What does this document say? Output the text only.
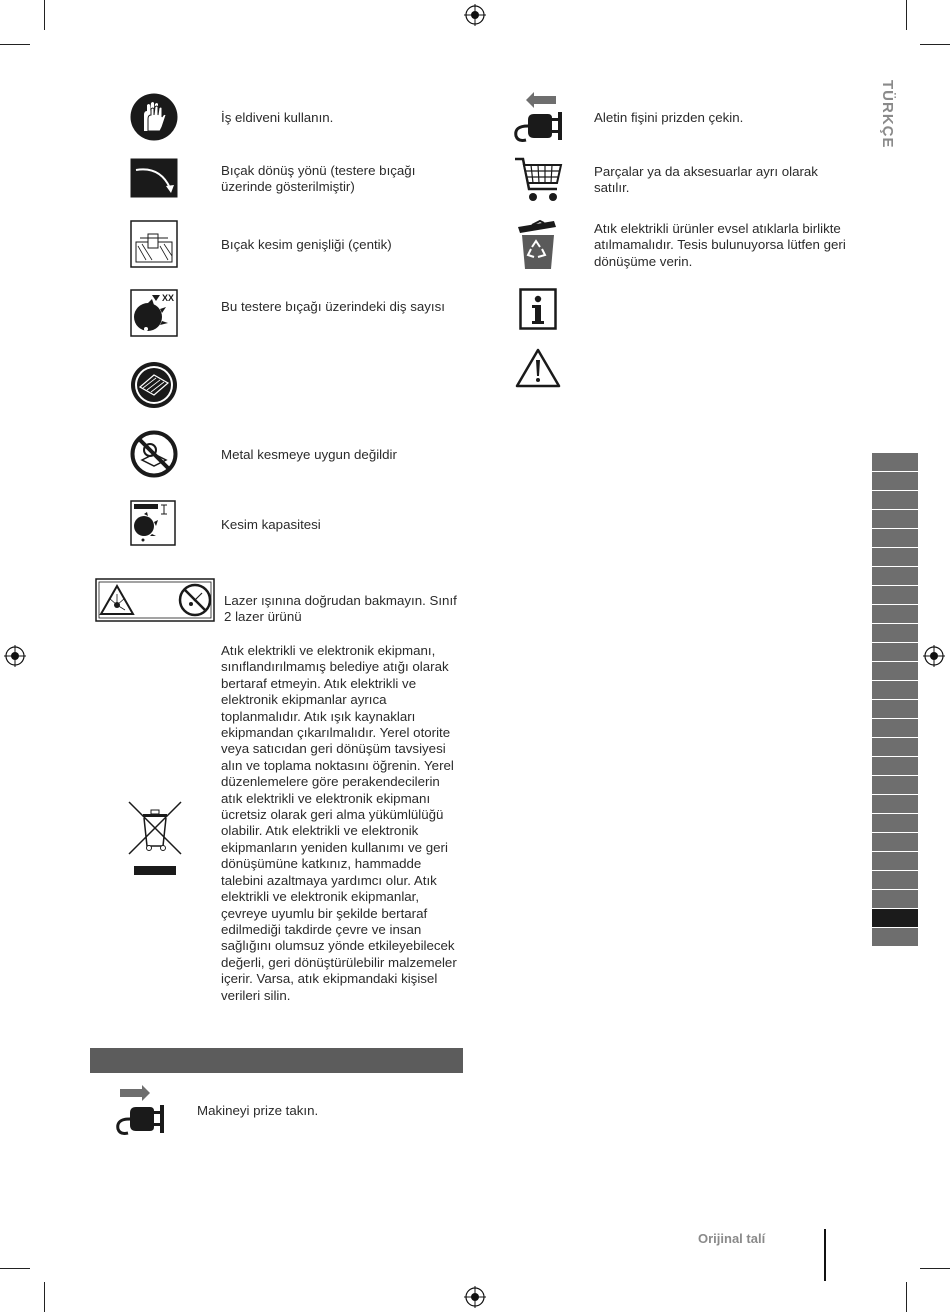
TÜRKÇE
İş eldiveni kullanın.
Bıçak dönüş yönü (testere bıçağı üzerinde gösterilmiştir)
Bıçak kesim genişliği (çentik)
XX
Bu testere bıçağı üzerindeki diş sayısı
Metal kesmeye uygun değildir
Kesim kapasitesi
Lazer ışınına doğrudan bakmayın. Sınıf 2 lazer ürünü
Atık elektrikli ve elektronik ekipmanı, sınıflandırılmamış belediye atığı olarak bertaraf etmeyin. Atık elektrikli ve elektronik ekipmanlar ayrıca toplanmalıdır. Atık ışık kaynakları ekipmandan çıkarılmalıdır. Yerel otorite veya satıcıdan geri dönüşüm tavsiyesi alın ve toplama noktasını öğrenin. Yerel düzenlemelere göre perakendecilerin atık elektrikli ve elektronik ekipmanı ücretsiz olarak geri alma yükümlülüğü olabilir. Atık elektrikli ve elektronik ekipmanların yeniden kullanımı ve geri dönüşümüne katkınız, hammadde talebini azaltmaya yardımcı olur. Atık elektrikli ve elektronik ekipmanlar, çevreye uyumlu bir şekilde bertaraf edilmediği takdirde çevre ve insan sağlığını olumsuz yönde etkileyebilecek değerli, geri dönüştürülebilir malzemeler içerir. Varsa, atık ekipmandaki kişisel verileri silin.
Makineyi prize takın.
Aletin fişini prizden çekin.
Parçalar ya da aksesuarlar ayrı olarak satılır.
Atık elektrikli ürünler evsel atıklarla birlikte atılmamalıdır. Tesis bulunuyorsa lütfen geri dönüşüme verin.
Orijinal talí
